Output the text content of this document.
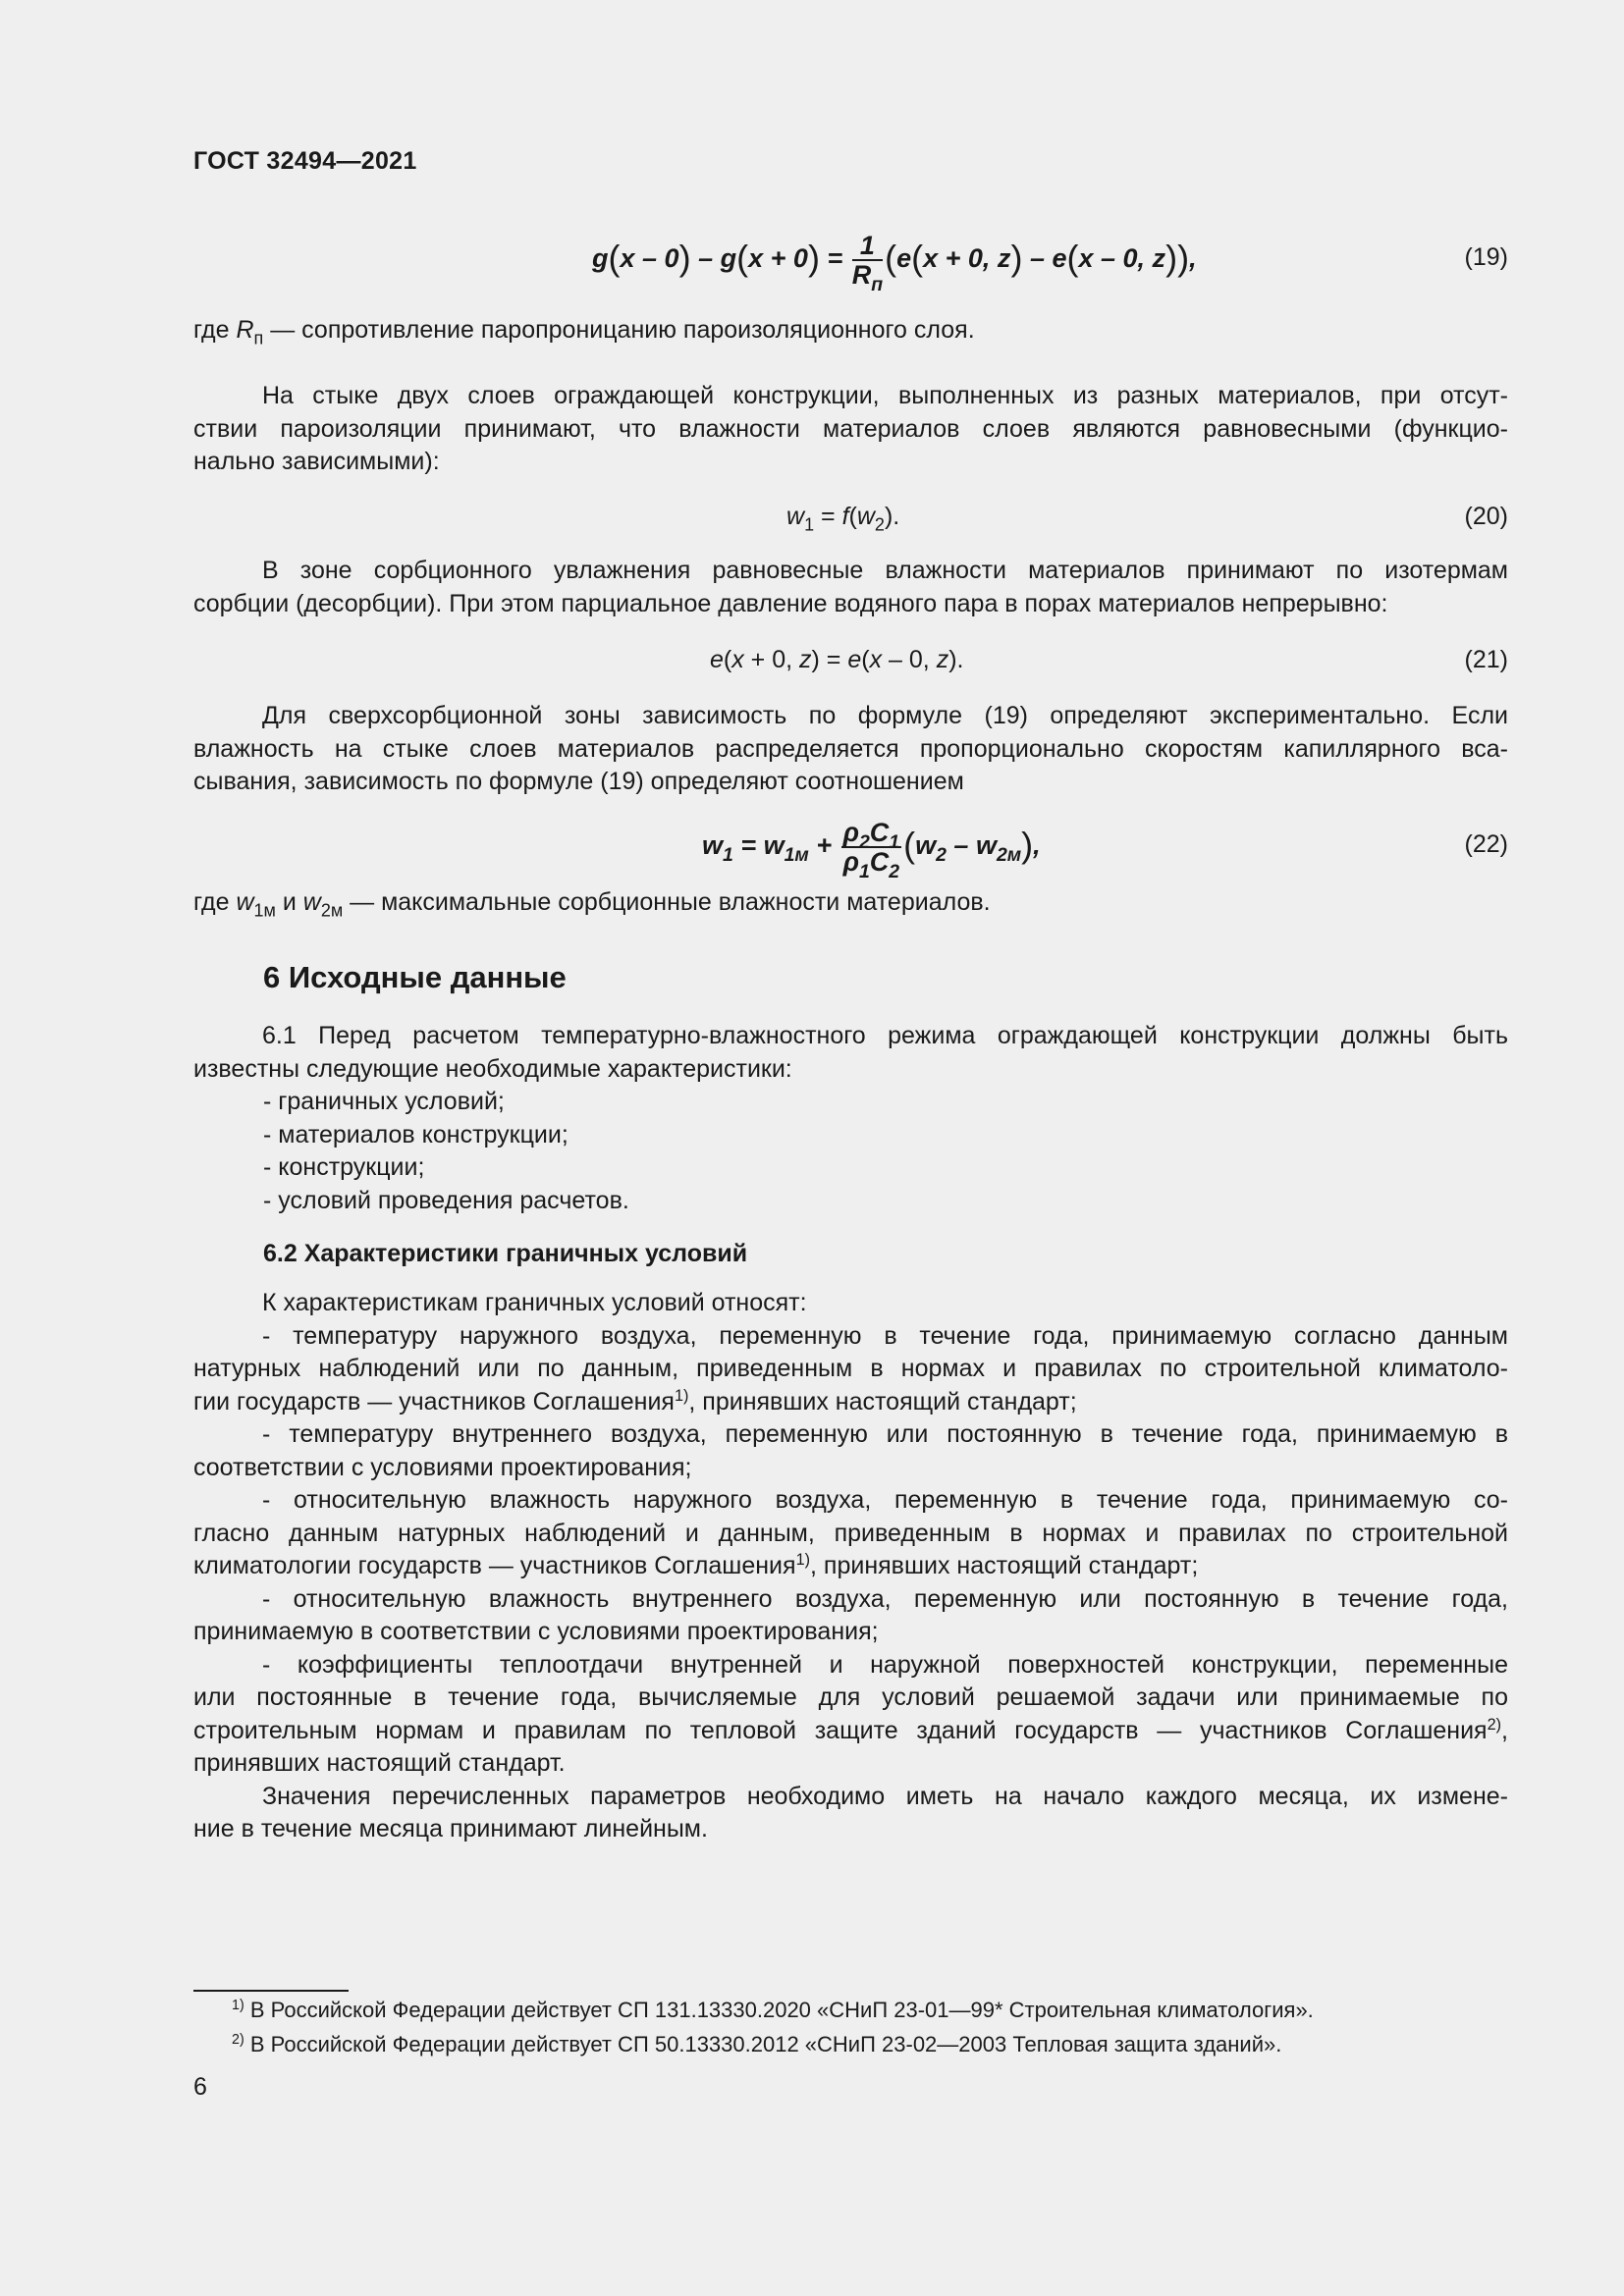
ГОСТ 32494—2021
$g(x - 0) - g(x + 0) = \frac{1}{R_п} (e(x + 0$, z) – e(x – 0, z)),	(19)
где $R_п$ — сопротивление паропроницанию пароизоляционного слоя.
На стыке двух слоев ограждающей конструкции, выполненных из разных материалов, при отсут-
ствии пароизоляции принимают, что влажности материалов слоев являются равновесными (функцио-
нально зависимыми):
$w_1 = f(w_2)$.	(20)
В зоне сорбционного увлажнения равновесные влажности материалов принимают по изотермам
сорбции (десорбции). При этом парциальное давление водяного пара в порах материалов непрерывно:
e(x + 0, z) = e(x – 0, z).	(21)
Для сверхсорбционной зоны зависимость по формуле (19) определяют экспериментально. Если
влажность на стыке слоев материалов распределяется пропорционально скоростям капиллярного вса-
сывания, зависимость по формуле (19) определяют соотношением
$w_1 = w_{1м} + \frac{\rho_2C_1}{\rho_1C_2} (w_2 - w_{2м})$,	(22)
где $w_{1м}$ и $w_{2м}$ — максимальные сорбционные влажности материалов.
6 Исходные данные
6.1 Перед расчетом температурно-влажностного режима ограждающей конструкции должны быть
известны следующие необходимые характеристики:
- граничных условий;
- материалов конструкции;
- конструкции;
- условий проведения расчетов.
6.2 Характеристики граничных условий
К характеристикам граничных условий относят:
- температуру наружного воздуха, переменную в течение года, принимаемую согласно данным
натурных наблюдений или по данным, приведенным в нормах и правилах по строительной климатоло-
гии государств — участников Соглашения$^{1)}$, принявших настоящий стандарт;
- температуру внутреннего воздуха, переменную или постоянную в течение года, принимаемую в
соответствии с условиями проектирования;
- относительную влажность наружного воздуха, переменную в течение года, принимаемую со-
гласно данным натурных наблюдений и данным, приведенным в нормах и правилах по строительной
климатологии государств — участников Соглашения$^{1)}$, принявших настоящий стандарт;
- относительную влажность внутреннего воздуха, переменную или постоянную в течение года,
принимаемую в соответствии с условиями проектирования;
- коэффициенты теплоотдачи внутренней и наружной поверхностей конструкции, переменные
или постоянные в течение года, вычисляемые для условий решаемой задачи или принимаемые по
строительным нормам и правилам по тепловой защите зданий государств — участников Соглашения$^{2)}$,
принявших настоящий стандарт.
Значения перечисленных параметров необходимо иметь на начало каждого месяца, их измене-
ние в течение месяца принимают линейным.
$^{1)}$ В Российской Федерации действует СП 131.13330.2020 «СНиП 23-01—99* Строительная климатология».
$^{2)}$ В Российской Федерации действует СП 50.13330.2012 «СНиП 23-02—2003 Тепловая защита зданий».
6
